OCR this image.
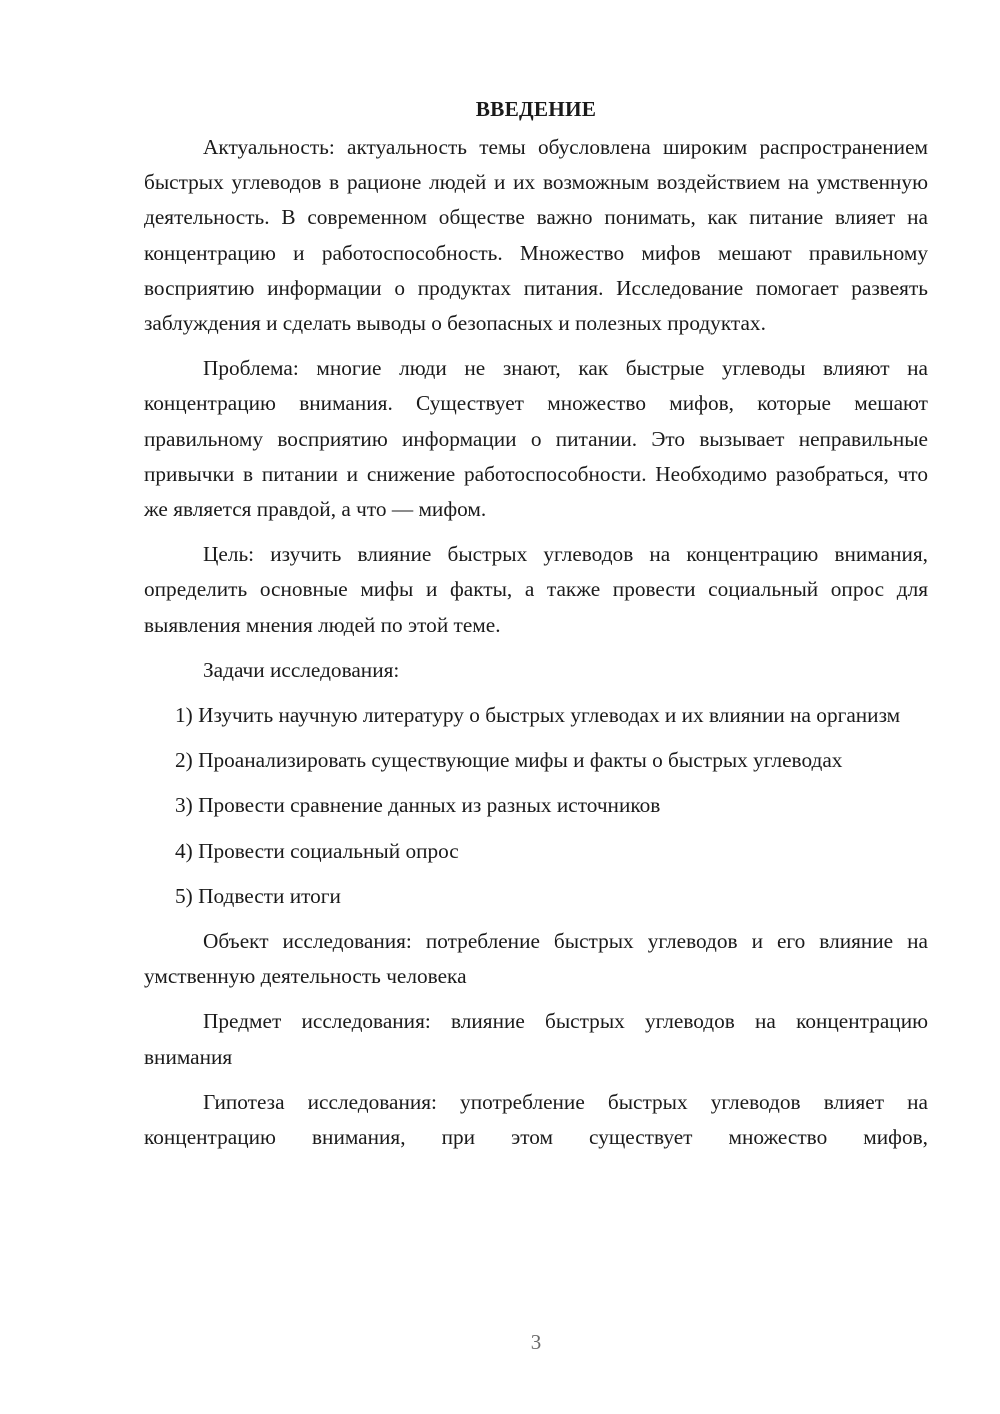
ВВЕДЕНИЕ

Актуальность: актуальность темы обусловлена широким распространением быстрых углеводов в рационе людей и их возможным воздействием на умственную деятельность. В современном обществе важно понимать, как питание влияет на концентрацию и работоспособность. Множество мифов мешают правильному восприятию информации о продуктах питания. Исследование помогает развеять заблуждения и сделать выводы о безопасных и полезных продуктах.

Проблема: многие люди не знают, как быстрые углеводы влияют на концентрацию внимания. Существует множество мифов, которые мешают правильному восприятию информации о питании. Это вызывает неправильные привычки в питании и снижение работоспособности. Необходимо разобраться, что же является правдой, а что — мифом.

Цель: изучить влияние быстрых углеводов на концентрацию внимания, определить основные мифы и факты, а также провести социальный опрос для выявления мнения людей по этой теме.

Задачи исследования:

1) Изучить научную литературу о быстрых углеводах и их влиянии на организм

2) Проанализировать существующие мифы и факты о быстрых углеводах

3) Провести сравнение данных из разных источников

4) Провести социальный опрос

5) Подвести итоги

Объект исследования: потребление быстрых углеводов и его влияние на умственную деятельность человека

Предмет исследования: влияние быстрых углеводов на концентрацию внимания

Гипотеза исследования: употребление быстрых углеводов влияет на концентрацию внимания, при этом существует множество мифов,

3
